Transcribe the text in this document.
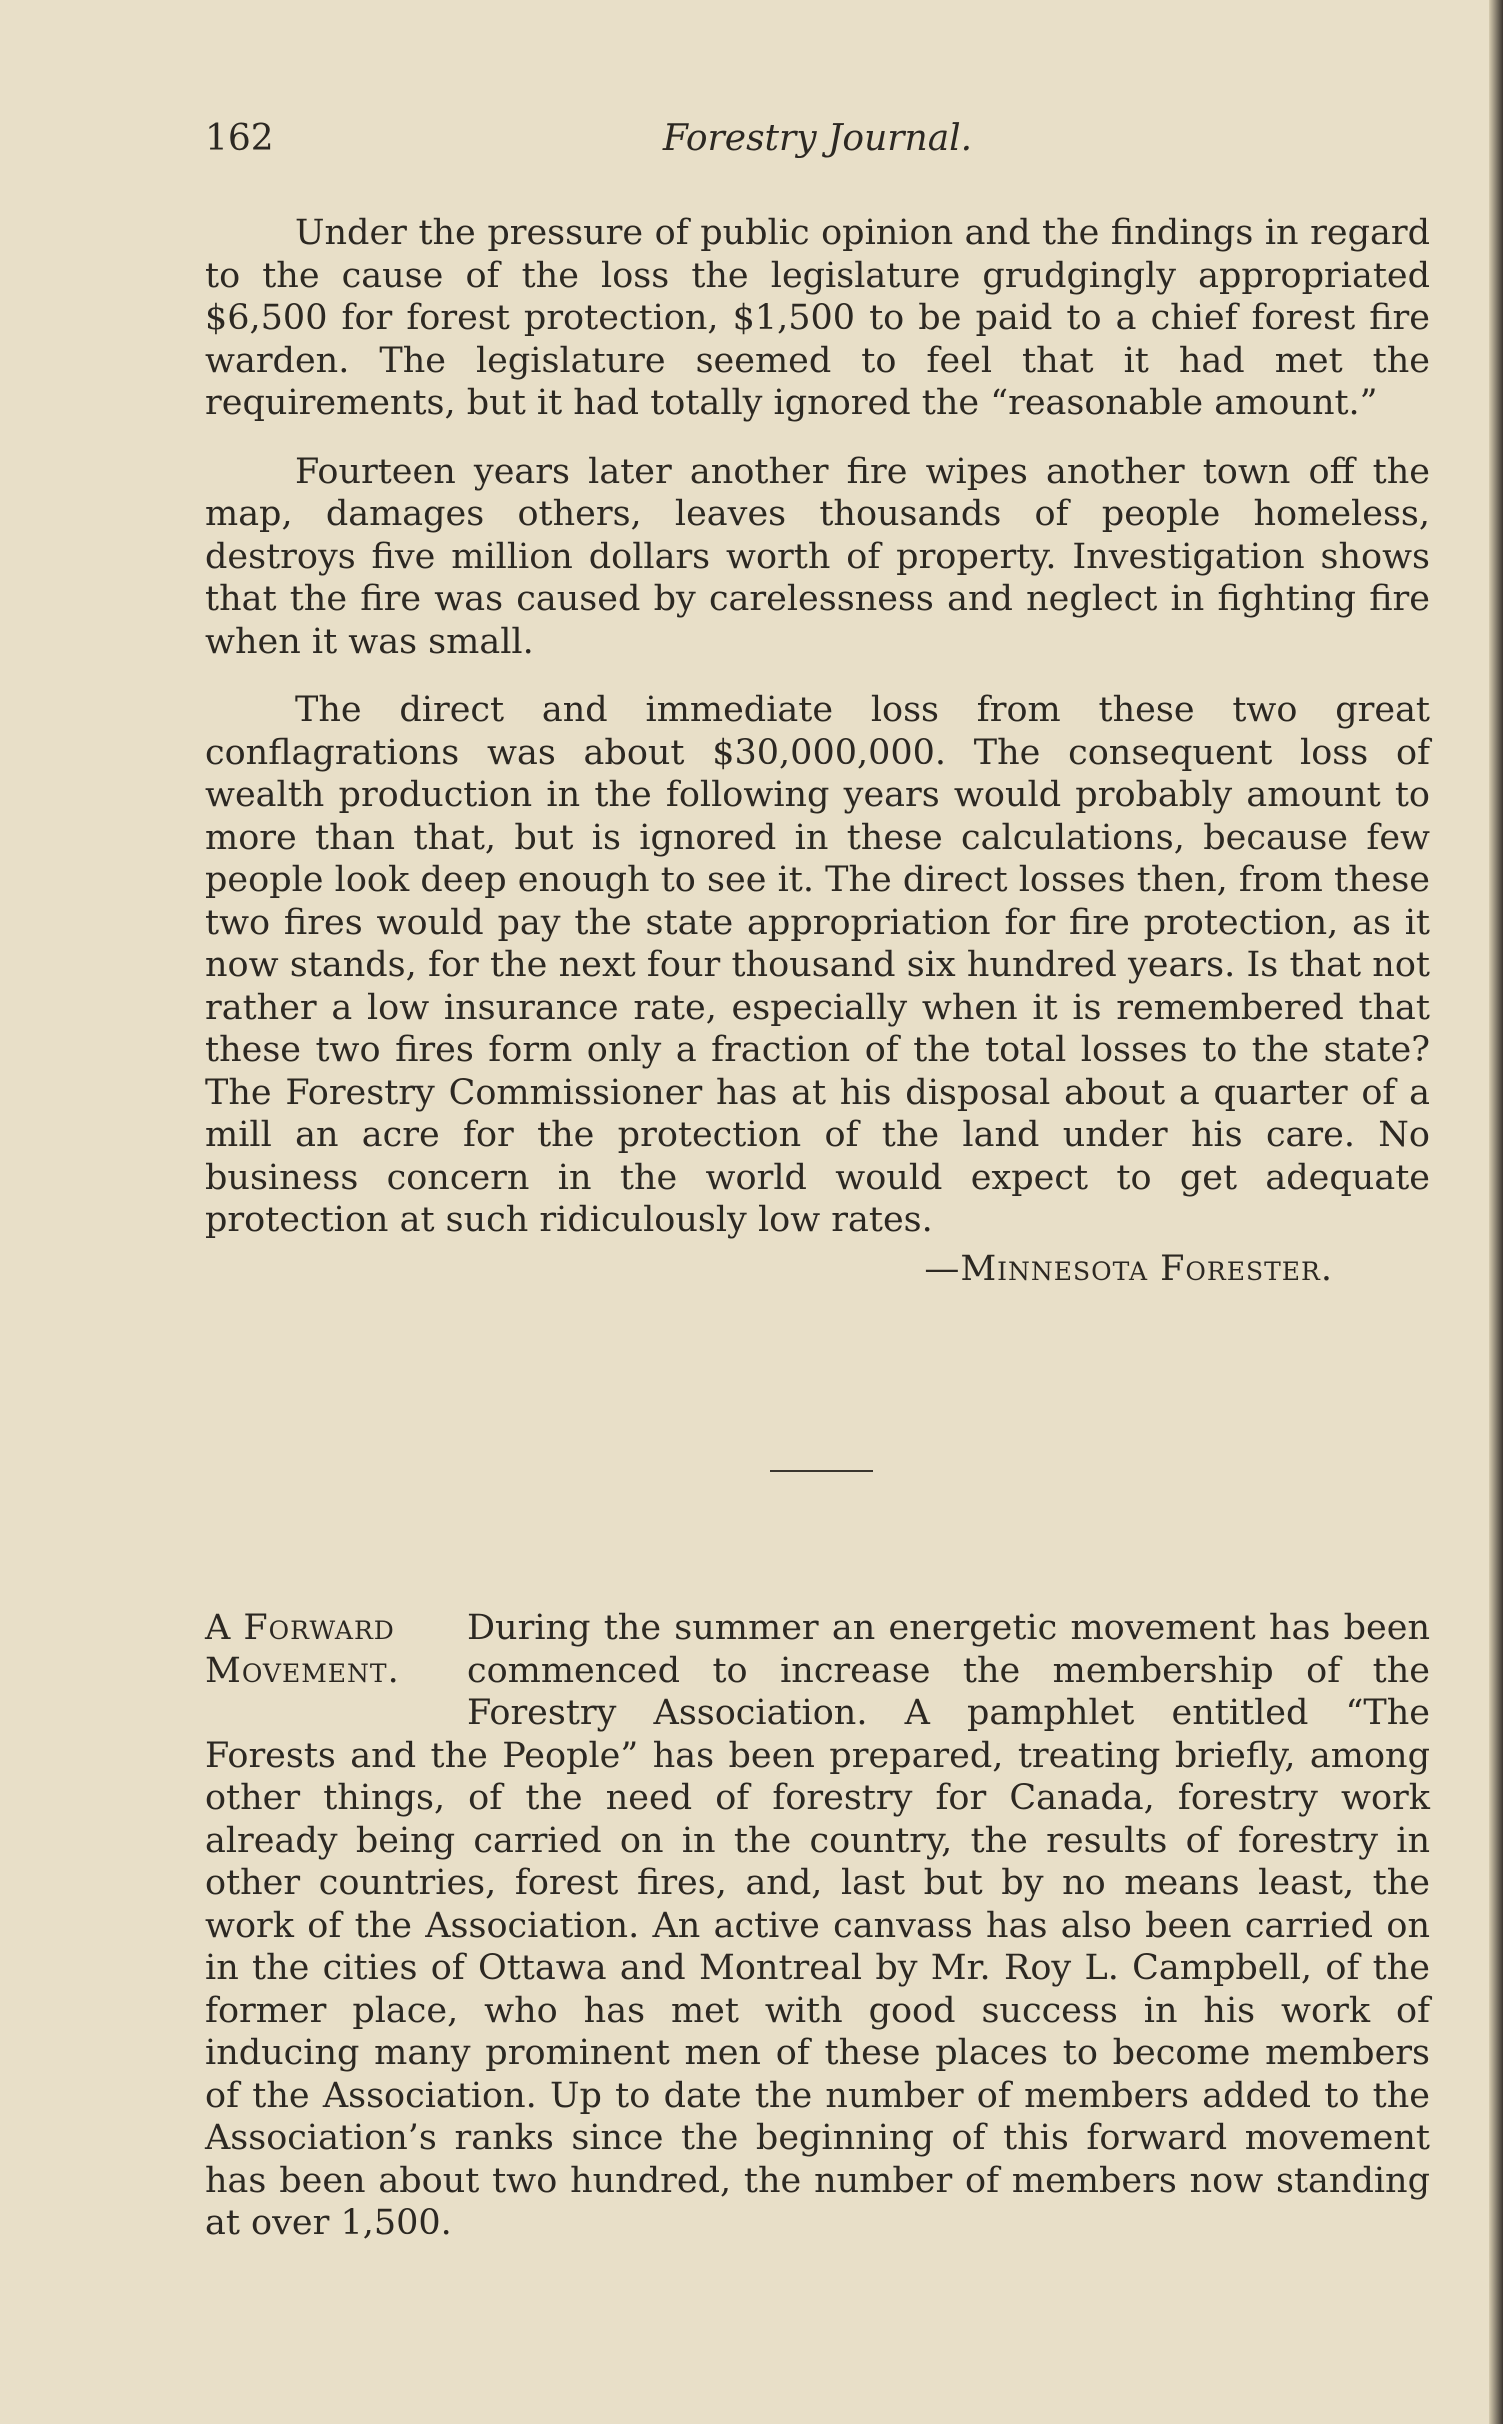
162	Forestry Journal.

Under the pressure of public opinion and the findings in regard to the cause of the loss the legislature grudgingly appropriated $6,500 for forest protection, $1,500 to be paid to a chief forest fire warden. The legislature seemed to feel that it had met the requirements, but it had totally ignored the “reasonable amount.”

Fourteen years later another fire wipes another town off the map, damages others, leaves thousands of people homeless, destroys five million dollars worth of property. Investigation shows that the fire was caused by carelessness and neglect in fighting fire when it was small.

The direct and immediate loss from these two great conflagrations was about $30,000,000. The consequent loss of wealth production in the following years would probably amount to more than that, but is ignored in these calculations, because few people look deep enough to see it. The direct losses then, from these two fires would pay the state appropriation for fire protection, as it now stands, for the next four thousand six hundred years. Is that not rather a low insurance rate, especially when it is remembered that these two fires form only a fraction of the total losses to the state? The Forestry Commissioner has at his disposal about a quarter of a mill an acre for the protection of the land under his care. No business concern in the world would expect to get adequate protection at such ridiculously low rates.

—Minnesota Forester.
A Forward
Movement.

During the summer an energetic movement has been commenced to increase the membership of the Forestry Association. A pamphlet entitled “The Forests and the People” has been prepared, treating briefly, among other things, of the need of forestry for Canada, forestry work already being carried on in the country, the results of forestry in other countries, forest fires, and, last but by no means least, the work of the Association. An active canvass has also been carried on in the cities of Ottawa and Montreal by Mr. Roy L. Campbell, of the former place, who has met with good success in his work of inducing many prominent men of these places to become members of the Association. Up to date the number of members added to the Association’s ranks since the beginning of this forward movement has been about two hundred, the number of members now standing at over 1,500.
